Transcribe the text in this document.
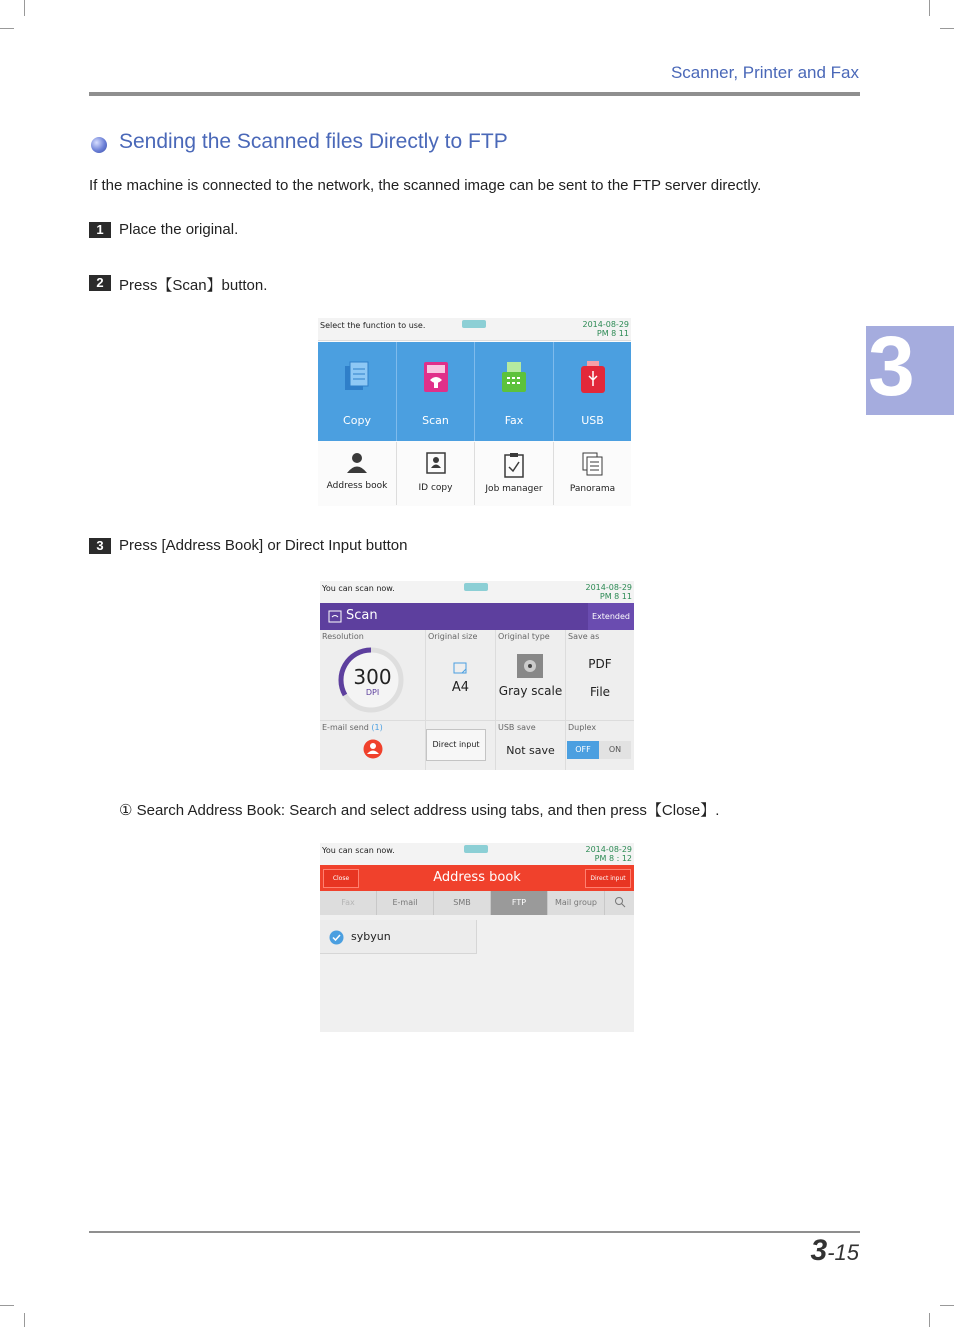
Scanner, Printer and Fax
3
Sending the Scanned files Directly to FTP
If the machine is connected to the network, the scanned image can be sent to the FTP server directly.
1	Place the original.
2	Press【Scan】button.
Select the function to use.	2014-08-29
PM 8 11
Copy	Scan	Fax	USB
Address book	ID copy	Job manager	Panorama
3	Press [Address Book] or Direct Input button
You can scan now.	2014-08-29
PM 8 11
Scan	Extended
Resolution
300
DPI
Original size
A4
Original type
Gray scale
Save as
PDF
File
E-mail send (1)
Direct input
USB save
Not save
Duplex
OFF	ON
① Search Address Book: Search and select address using tabs, and then press【Close】.
You can scan now.	2014-08-29
PM 8 : 12
Close	Address book	Direct input
Fax	E-mail	SMB	FTP	Mail group
sybyun
3-15
